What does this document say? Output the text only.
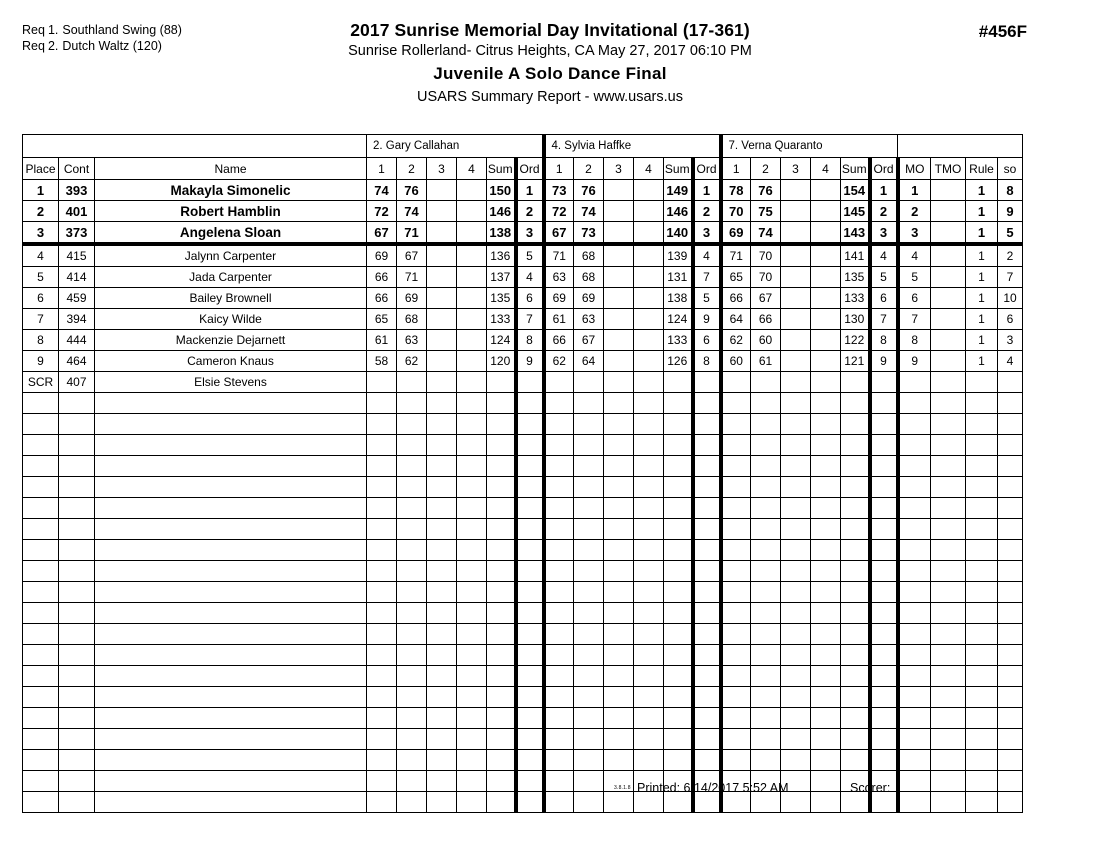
Req 1. Southland Swing (88)
Req 2. Dutch Waltz (120)
2017 Sunrise Memorial Day Invitational (17-361)
Sunrise Rollerland- Citrus Heights, CA May 27, 2017 06:10 PM
Juvenile A Solo Dance Final
USARS Summary Report - www.usars.us
#456F
			2. Gary Callahan						4. Sylvia Haffke						7. Verna Quaranto									
Place	Cont	Name	1	2	3	4	Sum	Ord	1	2	3	4	Sum	Ord	1	2	3	4	Sum	Ord	MO	TMO	Rule	so
1	393	Makayla Simonelic	74	76			150	1	73	76			149	1	78	76			154	1	1		1	8
2	401	Robert Hamblin	72	74			146	2	72	74			146	2	70	75			145	2	2		1	9
3	373	Angelena Sloan	67	71			138	3	67	73			140	3	69	74			143	3	3		1	5
4	415	Jalynn Carpenter	69	67			136	5	71	68			139	4	71	70			141	4	4		1	2
5	414	Jada Carpenter	66	71			137	4	63	68			131	7	65	70			135	5	5		1	7
6	459	Bailey Brownell	66	69			135	6	69	69			138	5	66	67			133	6	6		1	10
7	394	Kaicy Wilde	65	68			133	7	61	63			124	9	64	66			130	7	7		1	6
8	444	Mackenzie Dejarnett	61	63			124	8	66	67			133	6	62	60			122	8	8		1	3
9	464	Cameron Knaus	58	62			120	9	62	64			126	8	60	61			121	9	9		1	4
SCR	407	Elsie Stevens																						

3.8.1.8 Printed: 6/14/2017 5:52 AM	Scorer:
